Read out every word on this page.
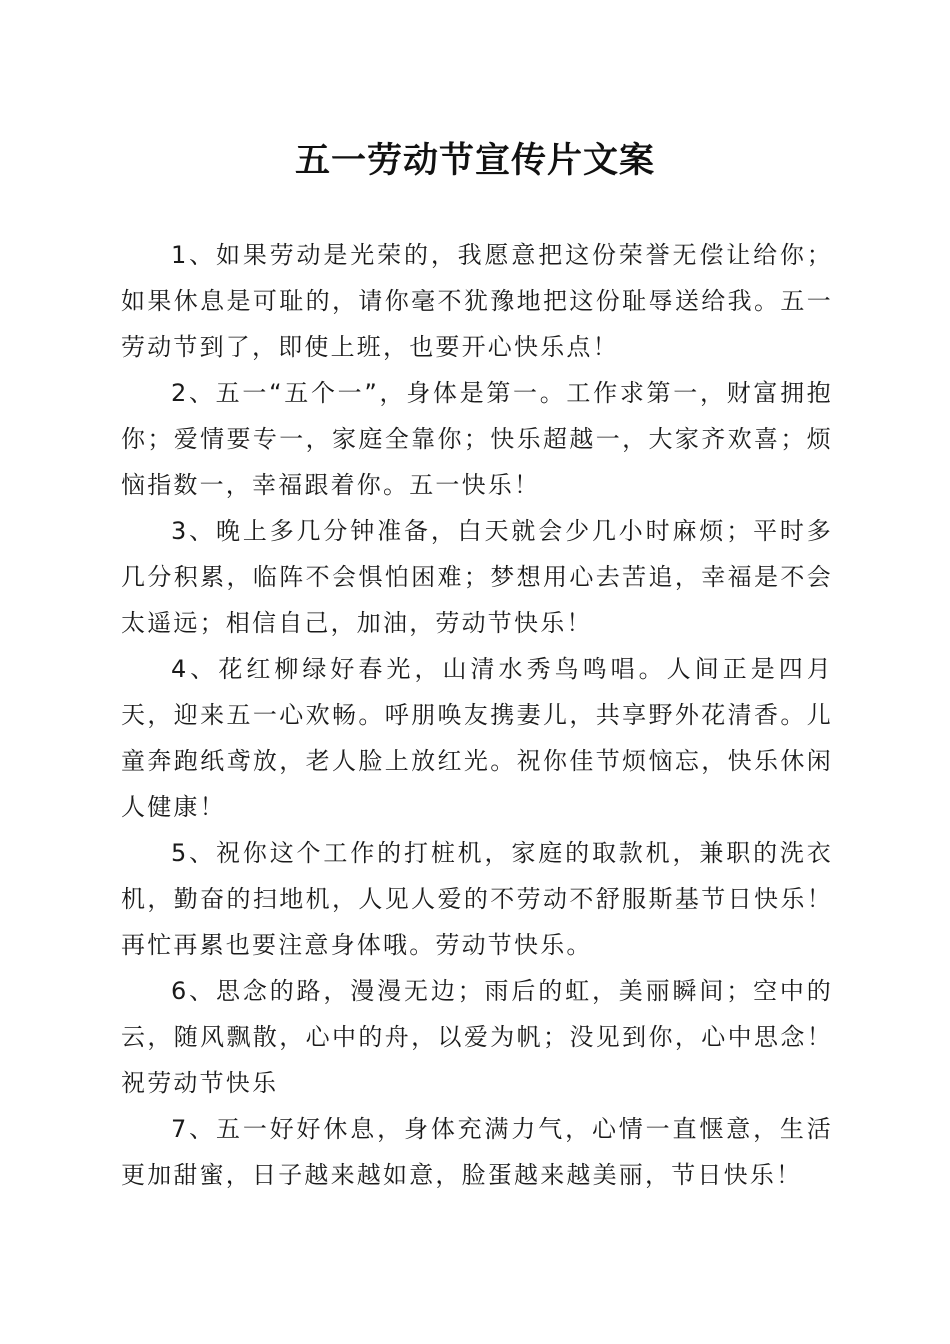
五一劳动节宣传片文案

1、如果劳动是光荣的，我愿意把这份荣誉无偿让给你；如果休息是可耻的，请你毫不犹豫地把这份耻辱送给我。五一劳动节到了，即使上班，也要开心快乐点！

2、五一“五个一”，身体是第一。工作求第一，财富拥抱你；爱情要专一，家庭全靠你；快乐超越一，大家齐欢喜；烦恼指数一，幸福跟着你。五一快乐！

3、晚上多几分钟准备，白天就会少几小时麻烦；平时多几分积累，临阵不会惧怕困难；梦想用心去苦追，幸福是不会太遥远；相信自己，加油，劳动节快乐！

4、花红柳绿好春光，山清水秀鸟鸣唱。人间正是四月天，迎来五一心欢畅。呼朋唤友携妻儿，共享野外花清香。儿童奔跑纸鸢放，老人脸上放红光。祝你佳节烦恼忘，快乐休闲人健康！

5、祝你这个工作的打桩机，家庭的取款机，兼职的洗衣机，勤奋的扫地机，人见人爱的不劳动不舒服斯基节日快乐！再忙再累也要注意身体哦。劳动节快乐。

6、思念的路，漫漫无边；雨后的虹，美丽瞬间；空中的云，随风飘散，心中的舟，以爱为帆；没见到你，心中思念！祝劳动节快乐

7、五一好好休息，身体充满力气，心情一直惬意，生活更加甜蜜，日子越来越如意，脸蛋越来越美丽，节日快乐！
